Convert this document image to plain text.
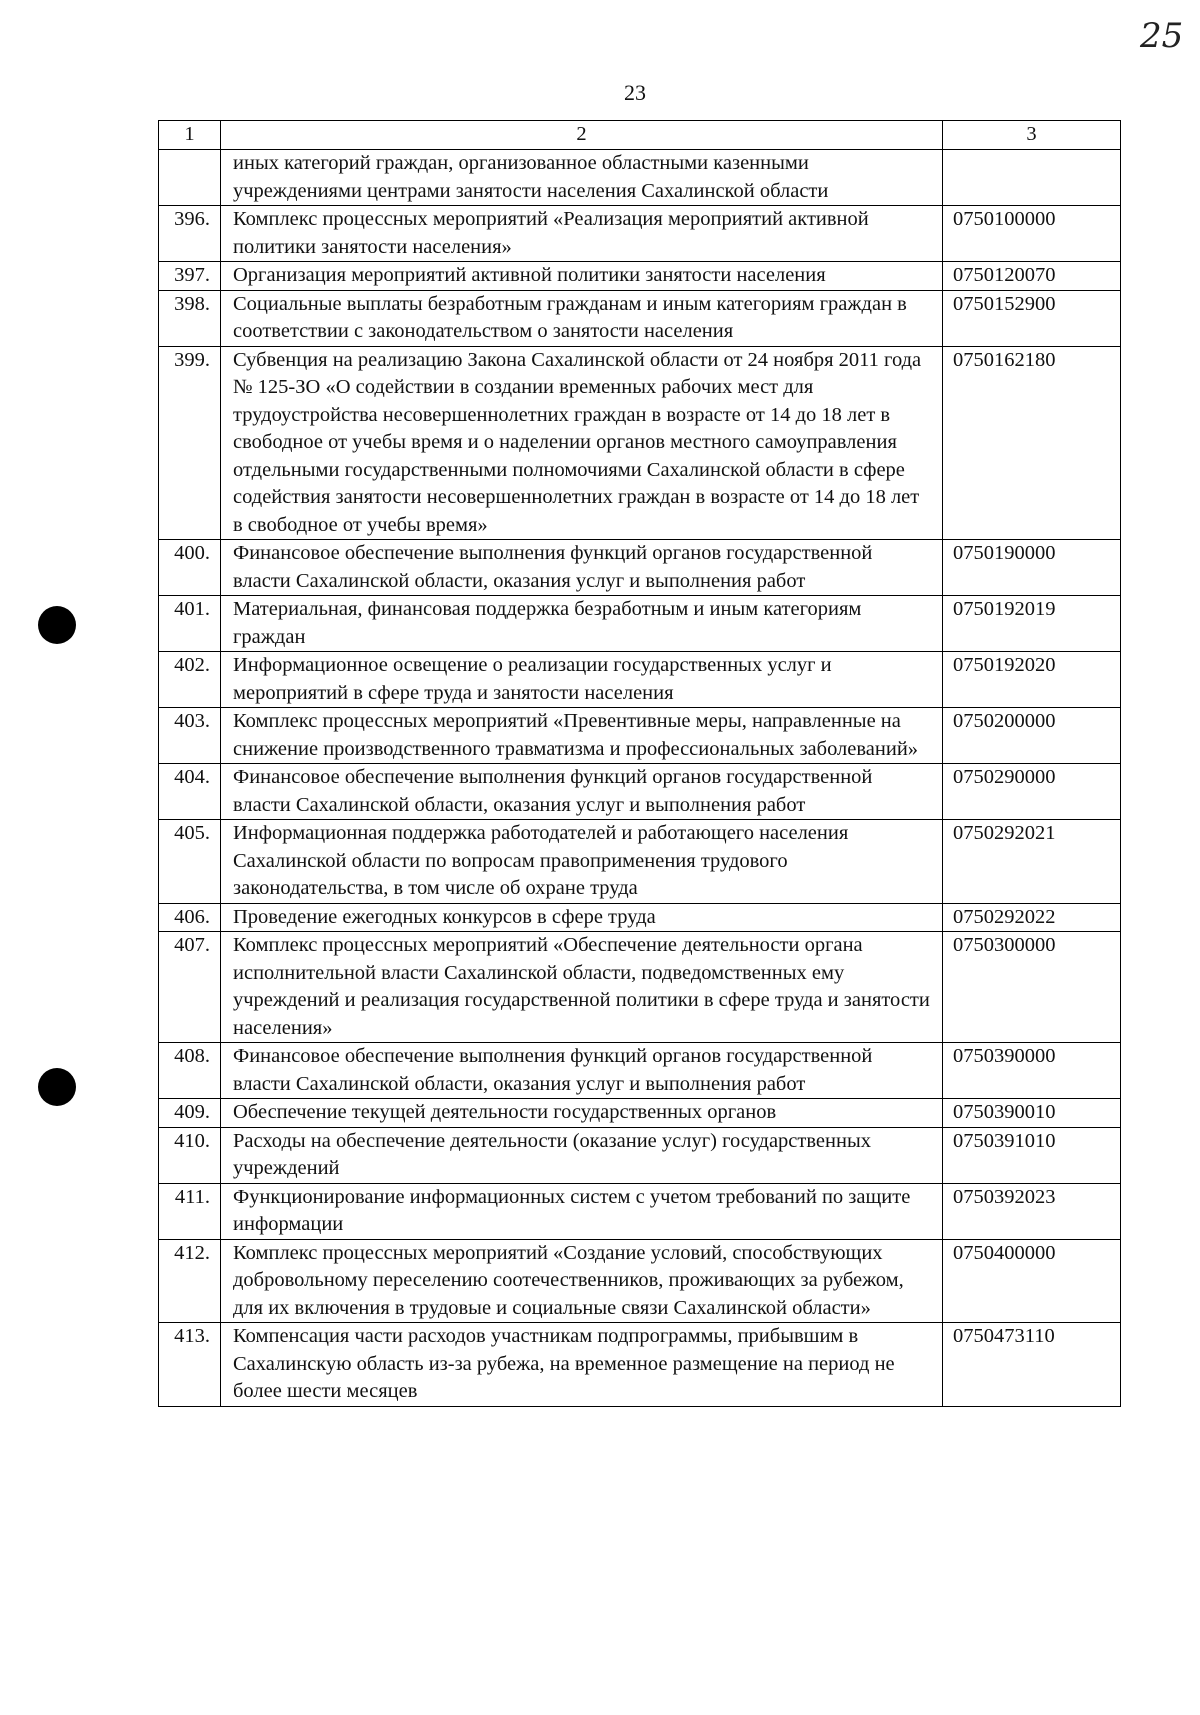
25
23
1	2	3
	иных категорий граждан, организованное областными казенными учреждениями центрами занятости населения Сахалинской области	
396.	Комплекс процессных мероприятий «Реализация мероприятий активной политики занятости населения»	0750100000
397.	Организация мероприятий активной политики занятости населения	0750120070
398.	Социальные выплаты безработным гражданам и иным категориям граждан в соответствии с законодательством о занятости населения	0750152900
399.	Субвенция на реализацию Закона Сахалинской области от 24 ноября 2011 года № 125-ЗО «О содействии в создании временных рабочих мест для трудоустройства несовершеннолетних граждан в возрасте от 14 до 18 лет в свободное от учебы время и о наделении органов местного самоуправления отдельными государственными полномочиями Сахалинской области в сфере содействия занятости несовершеннолетних граждан в возрасте от 14 до 18 лет в свободное от учебы время»	0750162180
400.	Финансовое обеспечение выполнения функций органов государственной власти Сахалинской области, оказания услуг и выполнения работ	0750190000
401.	Материальная, финансовая поддержка безработным и иным категориям граждан	0750192019
402.	Информационное освещение о реализации государственных услуг и мероприятий в сфере труда и занятости населения	0750192020
403.	Комплекс процессных мероприятий «Превентивные меры, направленные на снижение производственного травматизма и профессиональных заболеваний»	0750200000
404.	Финансовое обеспечение выполнения функций органов государственной власти Сахалинской области, оказания услуг и выполнения работ	0750290000
405.	Информационная поддержка работодателей и работающего населения Сахалинской области по вопросам правоприменения трудового законодательства, в том числе об охране труда	0750292021
406.	Проведение ежегодных конкурсов в сфере труда	0750292022
407.	Комплекс процессных мероприятий «Обеспечение деятельности органа исполнительной власти Сахалинской области, подведомственных ему учреждений и реализация государственной политики в сфере труда и занятости населения»	0750300000
408.	Финансовое обеспечение выполнения функций органов государственной власти Сахалинской области, оказания услуг и выполнения работ	0750390000
409.	Обеспечение текущей деятельности государственных органов	0750390010
410.	Расходы на обеспечение деятельности (оказание услуг) государственных учреждений	0750391010
411.	Функционирование информационных систем с учетом требований по защите информации	0750392023
412.	Комплекс процессных мероприятий «Создание условий, способствующих добровольному переселению соотечественников, проживающих за рубежом, для их включения в трудовые и социальные связи Сахалинской области»	0750400000
413.	Компенсация части расходов участникам подпрограммы, прибывшим в Сахалинскую область из-за рубежа, на временное размещение на период не более шести месяцев	0750473110
